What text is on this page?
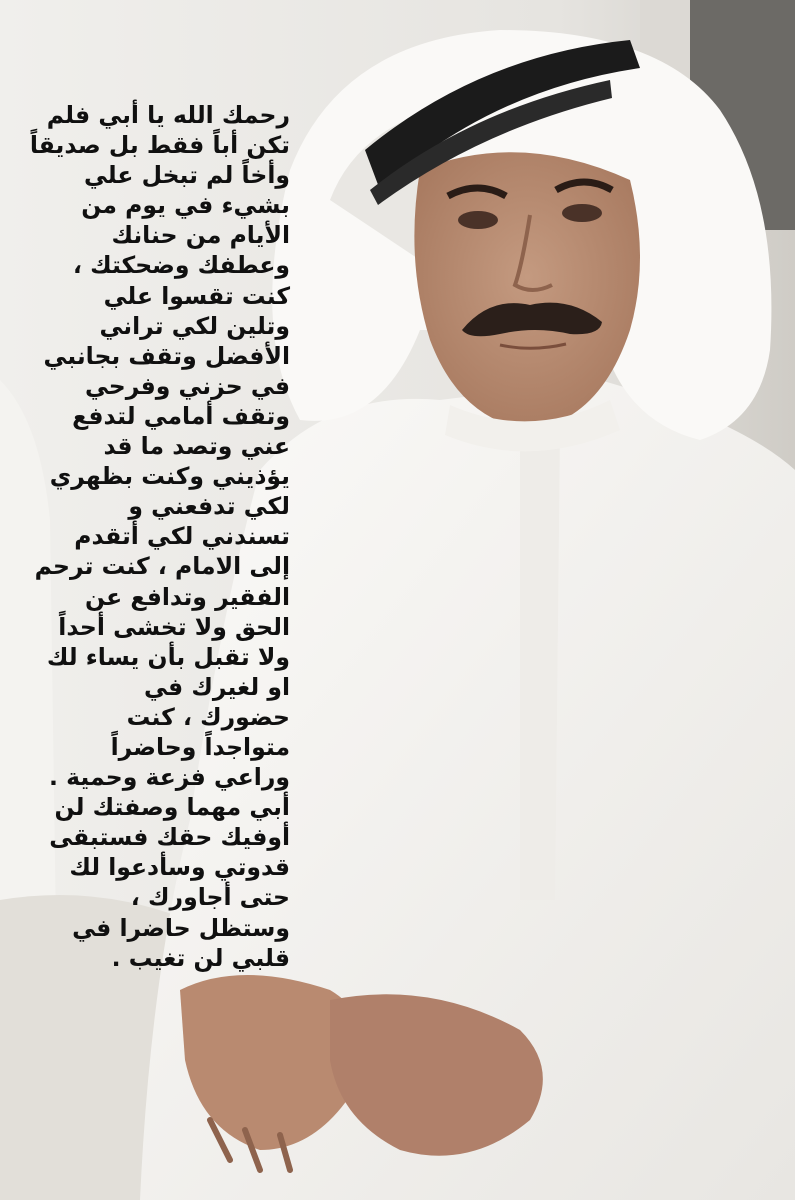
رحمك الله يا أبي فلم
تكن أباً فقط بل صديقاً
وأخاً لم تبخل علي
بشيء في يوم من
الأيام من حنانك
وعطفك وضحكتك ،
كنت تقسوا علي
وتلين لكي تراني
الأفضل وتقف بجانبي
في حزني وفرحي
وتقف أمامي لتدفع
عني وتصد ما قد
يؤذيني وكنت بظهري
لكي تدفعني و
تسندني لكي أتقدم
إلى الامام ، كنت ترحم
الفقير وتدافع عن
الحق ولا تخشى أحداً
ولا تقبل بأن يساء لك
او لغيرك في
حضورك ، كنت
متواجداً وحاضراً
وراعي فزعة وحمية .
أبي مهما وصفتك لن
أوفيك حقك فستبقى
قدوتي وسأدعوا لك
حتى أجاورك ،
وستظل حاضرا في
قلبي لن تغيب .
